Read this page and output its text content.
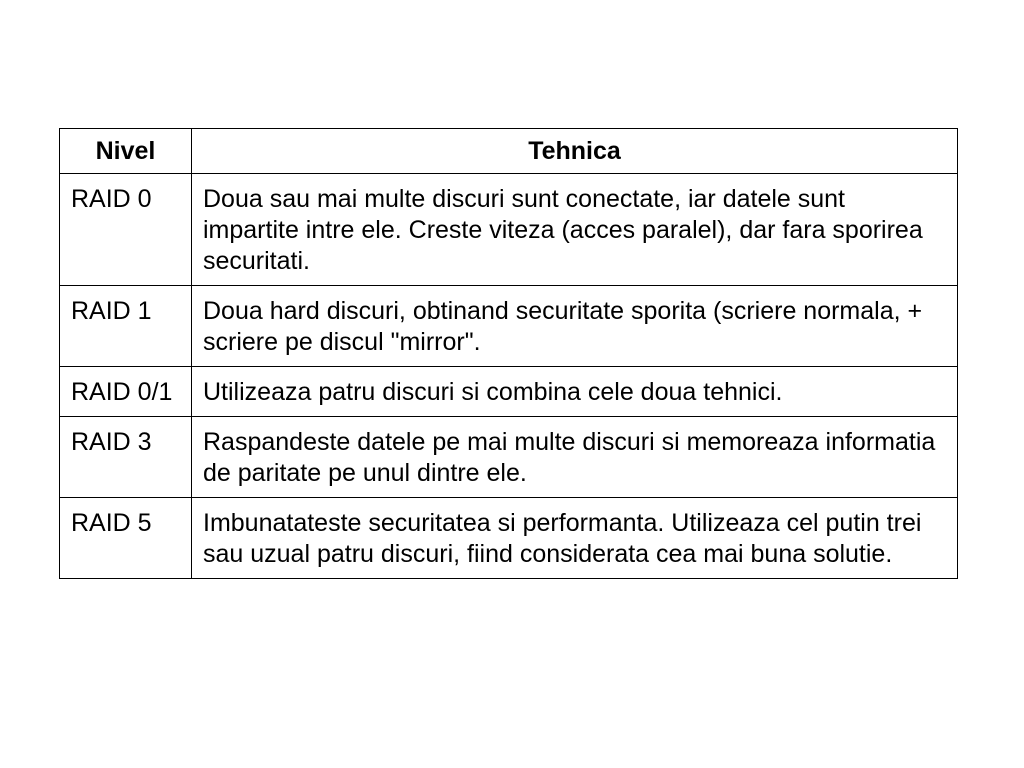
Nivel	Tehnica
RAID 0	Doua sau mai multe discuri sunt conectate, iar datele sunt impartite intre ele. Creste viteza (acces paralel), dar fara sporirea securitati.
RAID 1	Doua hard discuri, obtinand securitate sporita (scriere normala, + scriere pe discul "mirror".
RAID 0/1	Utilizeaza patru discuri si combina cele doua tehnici.
RAID 3	Raspandeste datele pe mai multe discuri si memoreaza informatia de paritate pe unul dintre ele.
RAID 5	Imbunatateste securitatea si performanta. Utilizeaza cel putin trei sau uzual patru discuri, fiind considerata cea mai buna solutie.
